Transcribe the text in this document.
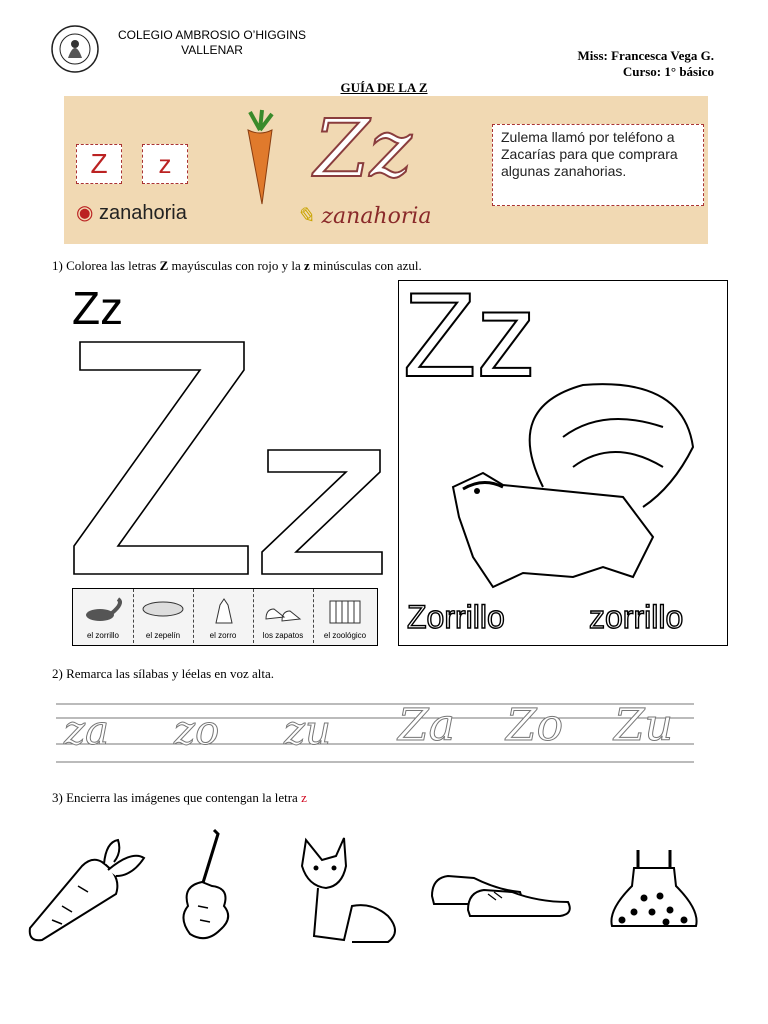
COLEGIO AMBROSIO O’HIGGINS
VALLENAR	Miss: Francesca Vega G.
Curso: 1° básico
GUÍA DE LA Z
Z	z
◉ zanahoria
Zz
✎ zanahoria
Zulema llamó por teléfono a Zacarías para que comprara algunas zanahorias.
1) Colorea las letras Z mayúsculas con rojo y la z minúsculas con azul.
Zz
el zorrillo	el zepelín	el zorro	los zapatos	el zoológico
Zz
Zorrillo	zorrillo
2) Remarca las sílabas y léelas en voz alta.
za zo zu Za Zo Zu
3) Encierra las imágenes que contengan la letra z
